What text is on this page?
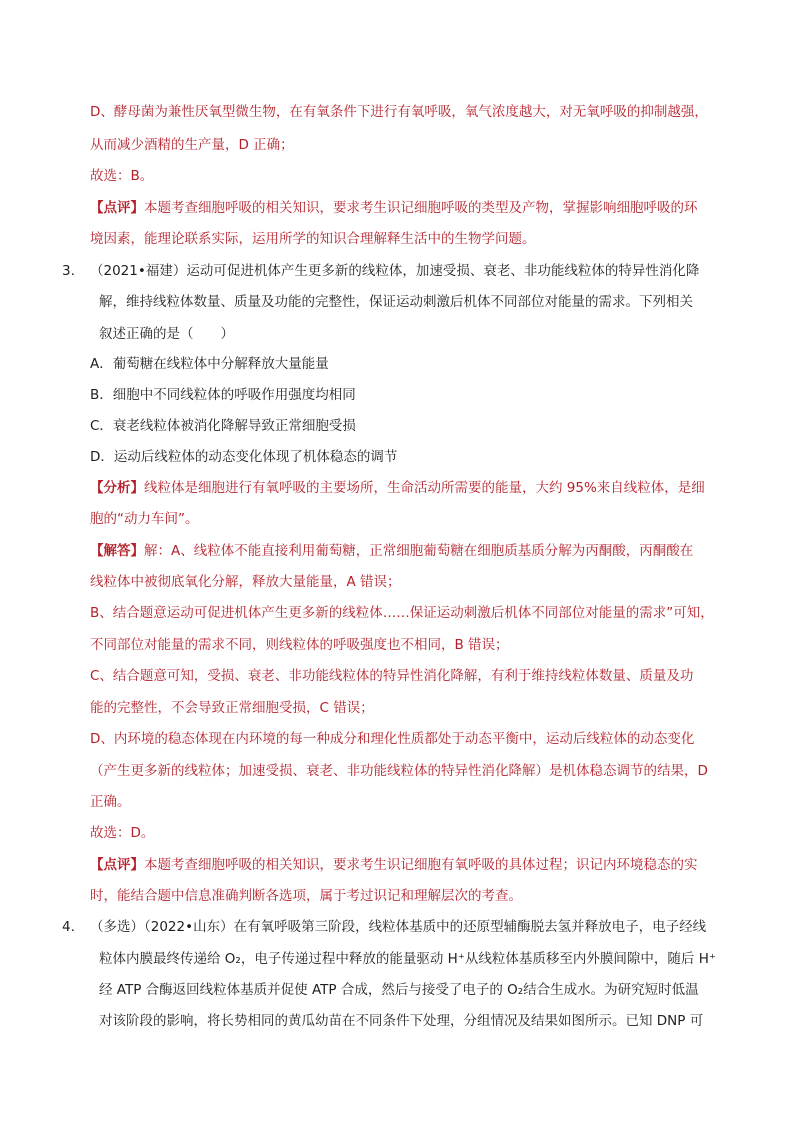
D、酵母菌为兼性厌氧型微生物，在有氧条件下进行有氧呼吸，氧气浓度越大，对无氧呼吸的抑制越强，
从而减少酒精的生产量，D 正确；
故选：B。
【点评】本题考查细胞呼吸的相关知识，要求考生识记细胞呼吸的类型及产物，掌握影响细胞呼吸的环
境因素，能理论联系实际，运用所学的知识合理解释生活中的生物学问题。
3. （2021•福建）运动可促进机体产生更多新的线粒体，加速受损、衰老、非功能线粒体的特异性消化降
解，维持线粒体数量、质量及功能的完整性，保证运动刺激后机体不同部位对能量的需求。下列相关
叙述正确的是（　　）
A．葡萄糖在线粒体中分解释放大量能量
B．细胞中不同线粒体的呼吸作用强度均相同
C．衰老线粒体被消化降解导致正常细胞受损
D．运动后线粒体的动态变化体现了机体稳态的调节
【分析】线粒体是细胞进行有氧呼吸的主要场所，生命活动所需要的能量，大约 95%来自线粒体，是细
胞的“动力车间”。
【解答】解：A、线粒体不能直接利用葡萄糖，正常细胞葡萄糖在细胞质基质分解为丙酮酸，丙酮酸在
线粒体中被彻底氧化分解，释放大量能量，A 错误；
B、结合题意运动可促进机体产生更多新的线粒体……保证运动刺激后机体不同部位对能量的需求”可知，
不同部位对能量的需求不同，则线粒体的呼吸强度也不相同，B 错误；
C、结合题意可知，受损、衰老、非功能线粒体的特异性消化降解，有利于维持线粒体数量、质量及功
能的完整性，不会导致正常细胞受损，C 错误；
D、内环境的稳态体现在内环境的每一种成分和理化性质都处于动态平衡中，运动后线粒体的动态变化
（产生更多新的线粒体；加速受损、衰老、非功能线粒体的特异性消化降解）是机体稳态调节的结果，D
正确。
故选：D。
【点评】本题考查细胞呼吸的相关知识，要求考生识记细胞有氧呼吸的具体过程；识记内环境稳态的实
时，能结合题中信息准确判断各选项，属于考过识记和理解层次的考查。
4. （多选）（2022•山东）在有氧呼吸第三阶段，线粒体基质中的还原型辅酶脱去氢并释放电子，电子经线
粒体内膜最终传递给 O₂，电子传递过程中释放的能量驱动 H⁺从线粒体基质移至内外膜间隙中，随后 H⁺
经 ATP 合酶返回线粒体基质并促使 ATP 合成，然后与接受了电子的 O₂结合生成水。为研究短时低温
对该阶段的影响，将长势相同的黄瓜幼苗在不同条件下处理，分组情况及结果如图所示。已知 DNP 可
